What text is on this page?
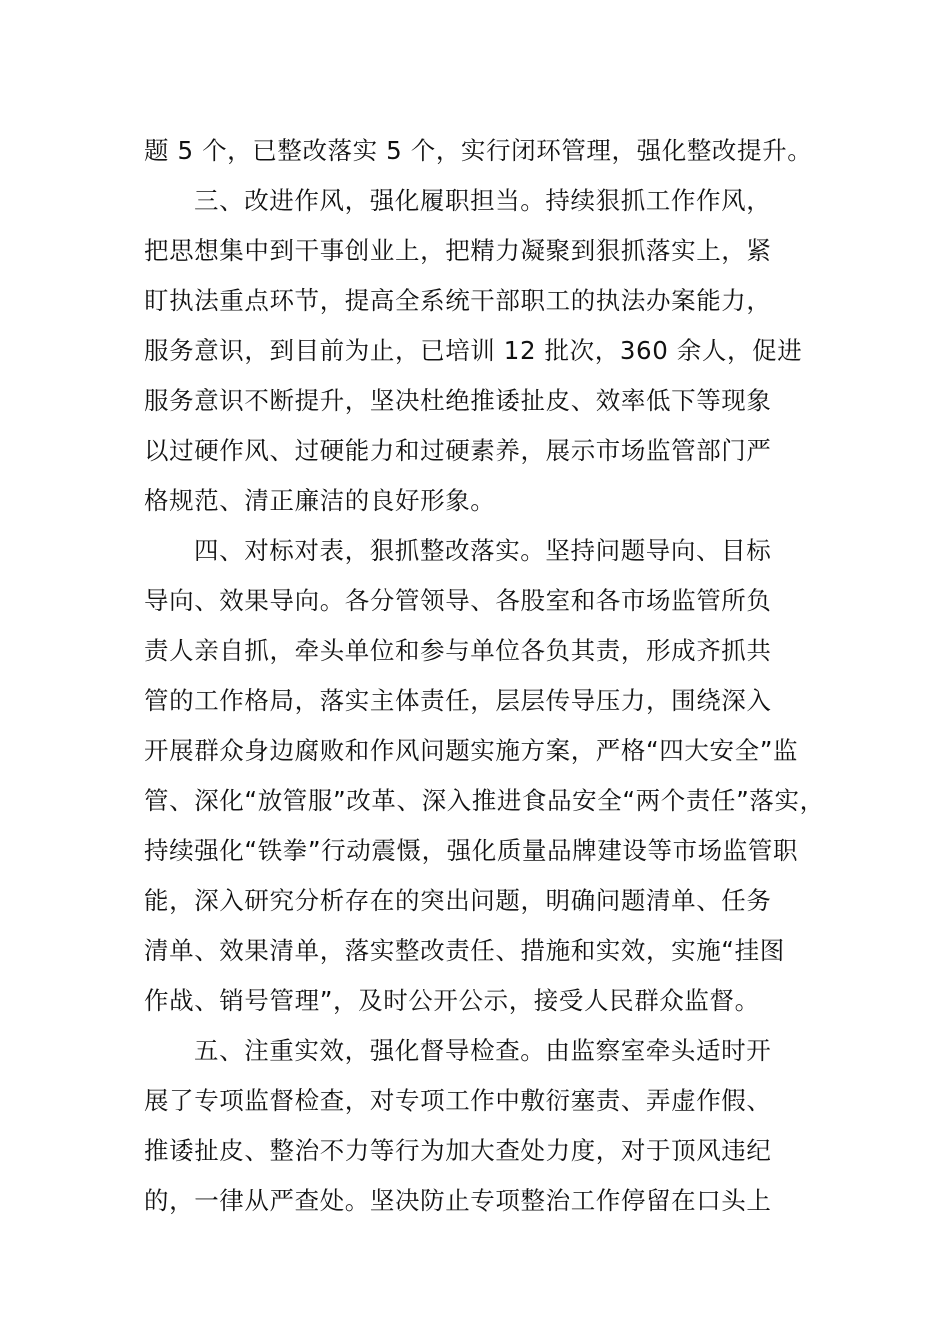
题 5 个，已整改落实 5 个，实行闭环管理，强化整改提升。
三、改进作风，强化履职担当。持续狠抓工作作风，
把思想集中到干事创业上，把精力凝聚到狠抓落实上，紧
盯执法重点环节，提高全系统干部职工的执法办案能力，
服务意识，到目前为止，已培训 12 批次，360 余人，促进
服务意识不断提升，坚决杜绝推诿扯皮、效率低下等现象
以过硬作风、过硬能力和过硬素养，展示市场监管部门严
格规范、清正廉洁的良好形象。
四、对标对表，狠抓整改落实。坚持问题导向、目标
导向、效果导向。各分管领导、各股室和各市场监管所负
责人亲自抓，牵头单位和参与单位各负其责，形成齐抓共
管的工作格局，落实主体责任，层层传导压力，围绕深入
开展群众身边腐败和作风问题实施方案，严格“四大安全”监
管、深化“放管服”改革、深入推进食品安全“两个责任”落实，
持续强化“铁拳”行动震慑，强化质量品牌建设等市场监管职
能，深入研究分析存在的突出问题，明确问题清单、任务
清单、效果清单，落实整改责任、措施和实效，实施“挂图
作战、销号管理”，及时公开公示，接受人民群众监督。
五、注重实效，强化督导检查。由监察室牵头适时开
展了专项监督检查，对专项工作中敷衍塞责、弄虚作假、
推诿扯皮、整治不力等行为加大查处力度，对于顶风违纪
的，一律从严查处。坚决防止专项整治工作停留在口头上
